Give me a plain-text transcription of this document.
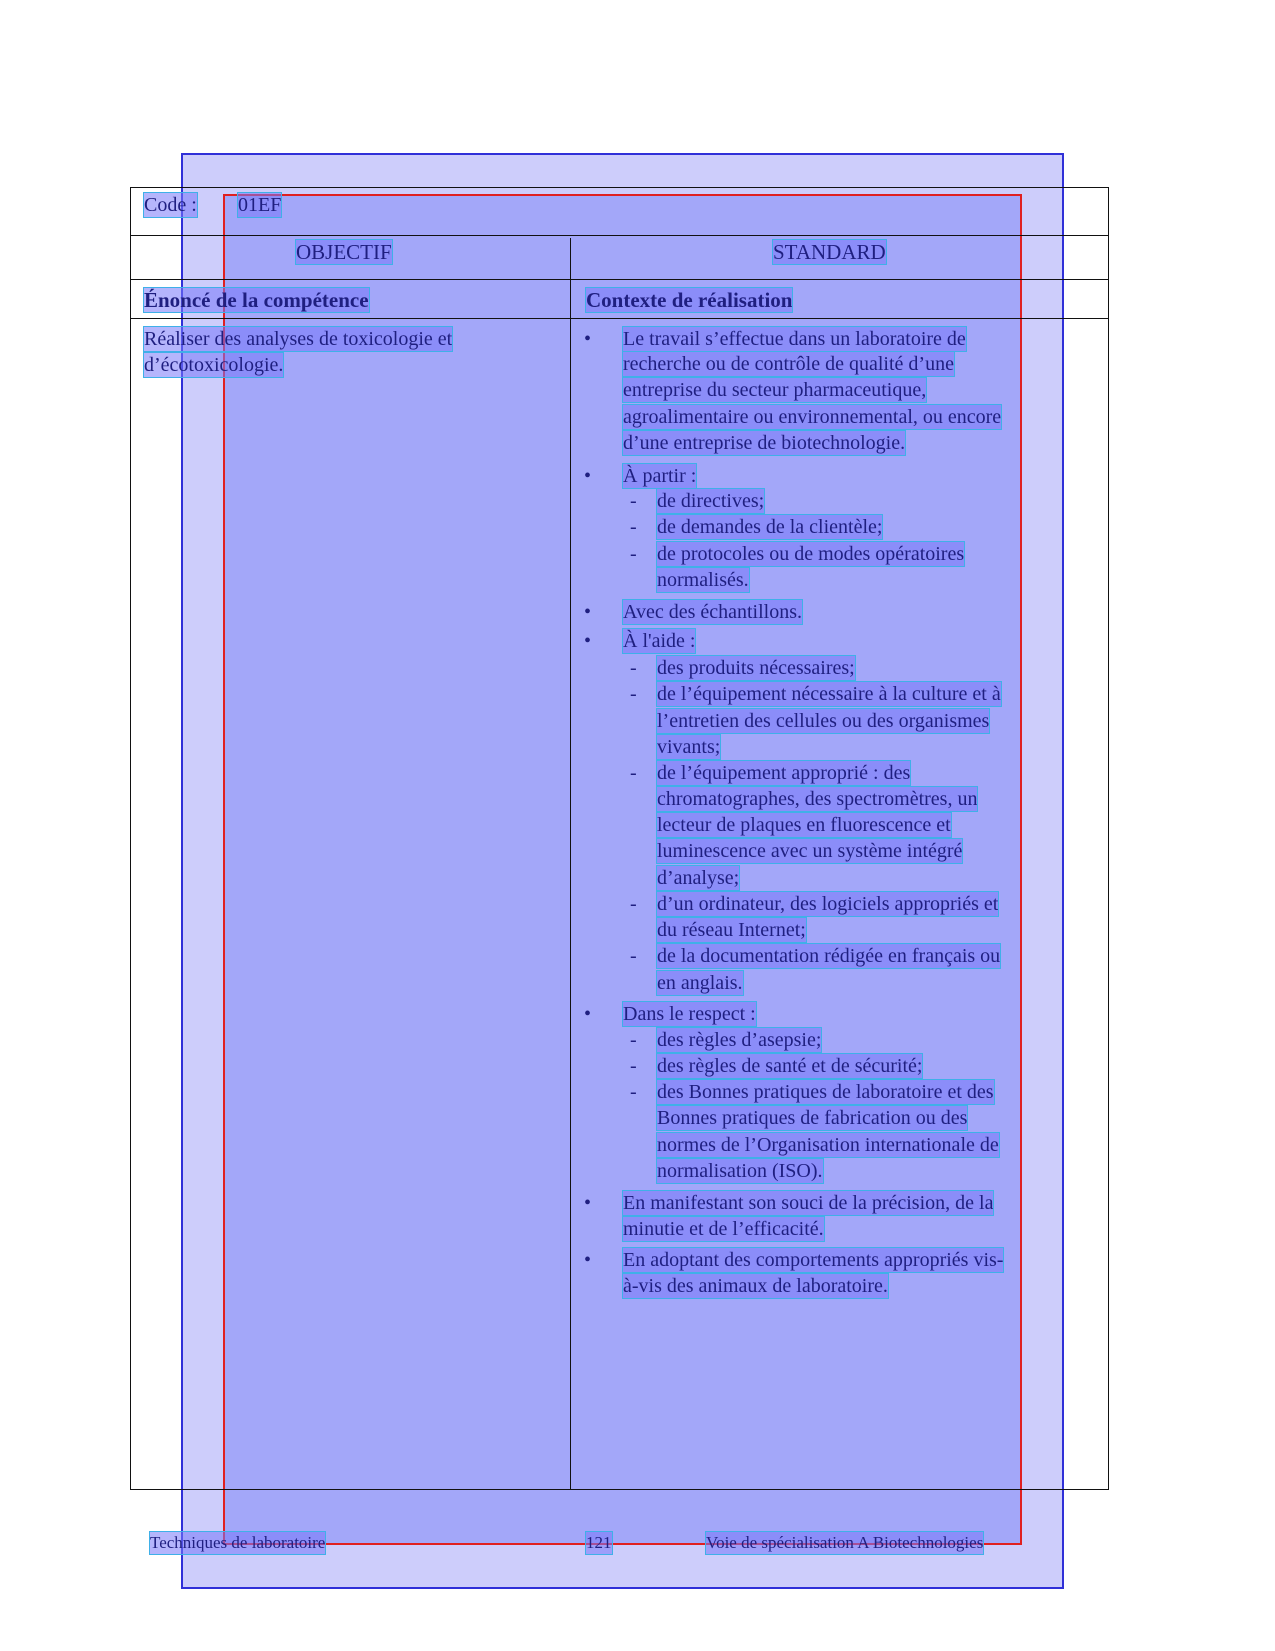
Code : 01EF
OBJECTIF	STANDARD
Énoncé de la compétence	Contexte de réalisation
Réaliser des analyses de toxicologie et
d’écotoxicologie.
• Le travail s’effectue dans un laboratoire de
recherche ou de contrôle de qualité d’une
entreprise du secteur pharmaceutique,
agroalimentaire ou environnemental, ou encore
d’une entreprise de biotechnologie.
• À partir :
- de directives;
- de demandes de la clientèle;
- de protocoles ou de modes opératoires
normalisés.
• Avec des échantillons.
• À l'aide :
- des produits nécessaires;
- de l’équipement nécessaire à la culture et à
l’entretien des cellules ou des organismes
vivants;
- de l’équipement approprié : des
chromatographes, des spectromètres, un
lecteur de plaques en fluorescence et
luminescence avec un système intégré
d’analyse;
- d’un ordinateur, des logiciels appropriés et
du réseau Internet;
- de la documentation rédigée en français ou
en anglais.
• Dans le respect :
- des règles d’asepsie;
- des règles de santé et de sécurité;
- des Bonnes pratiques de laboratoire et des
Bonnes pratiques de fabrication ou des
normes de l’Organisation internationale de
normalisation (ISO).
• En manifestant son souci de la précision, de la
minutie et de l’efficacité.
• En adoptant des comportements appropriés vis-
à-vis des animaux de laboratoire.
Techniques de laboratoire	121	Voie de spécialisation A Biotechnologies
